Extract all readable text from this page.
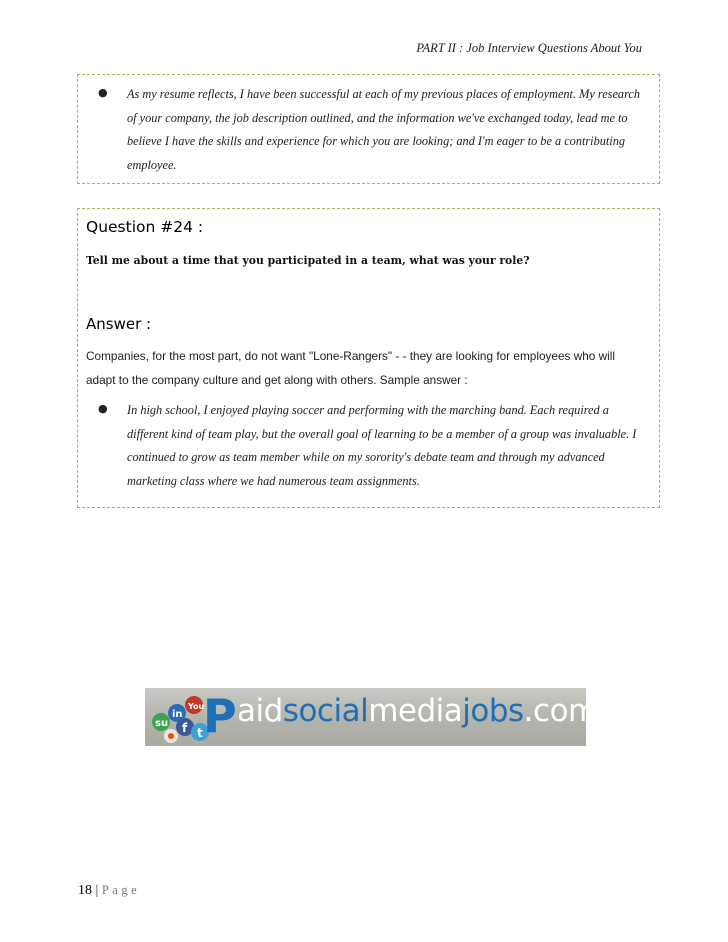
PART II : Job Interview Questions About You
● As my resume reflects, I have been successful at each of my previous places of employment. My research of your company, the job description outlined, and the information we've exchanged today, lead me to believe I have the skills and experience for which you are looking; and I'm eager to be a contributing employee.
Question #24 :
Tell me about a time that you participated in a team, what was your role?
Answer :
Companies, for the most part, do not want "Lone-Rangers" - - they are looking for employees who will adapt to the company culture and get along with others. Sample answer :
● In high school, I enjoyed playing soccer and performing with the marching band. Each required a different kind of team play, but the overall goal of learning to be a member of a group was invaluable. I continued to grow as team member while on my sorority's debate team and through my advanced marketing class where we had numerous team assignments.
su
in
You
f t P aidsocialmediajobs.com
18 | Page
